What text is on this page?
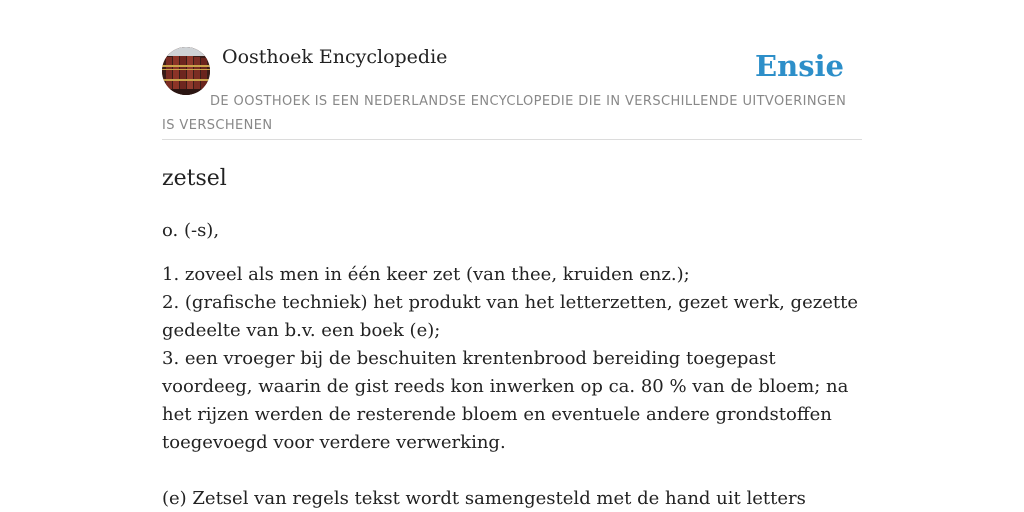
Oosthoek Encyclopedie	Ensie
DE OOSTHOEK IS EEN NEDERLANDSE ENCYCLOPEDIE DIE IN VERSCHILLENDE UITVOERINGEN IS VERSCHENEN
zetsel
o. (-s),
1. zoveel als men in één keer zet (van thee, kruiden enz.);
2. (grafische techniek) het produkt van het letterzetten, gezet werk, gezette gedeelte van b.v. een boek (e);
3. een vroeger bij de beschuiten krentenbrood bereiding toegepast voordeeg, waarin de gist reeds kon inwerken op ca. 80 % van de bloem; na het rijzen werden de resterende bloem en eventuele andere grondstoffen toegevoegd voor verdere verwerking.
(e) Zetsel van regels tekst wordt samengesteld met de hand uit letters
